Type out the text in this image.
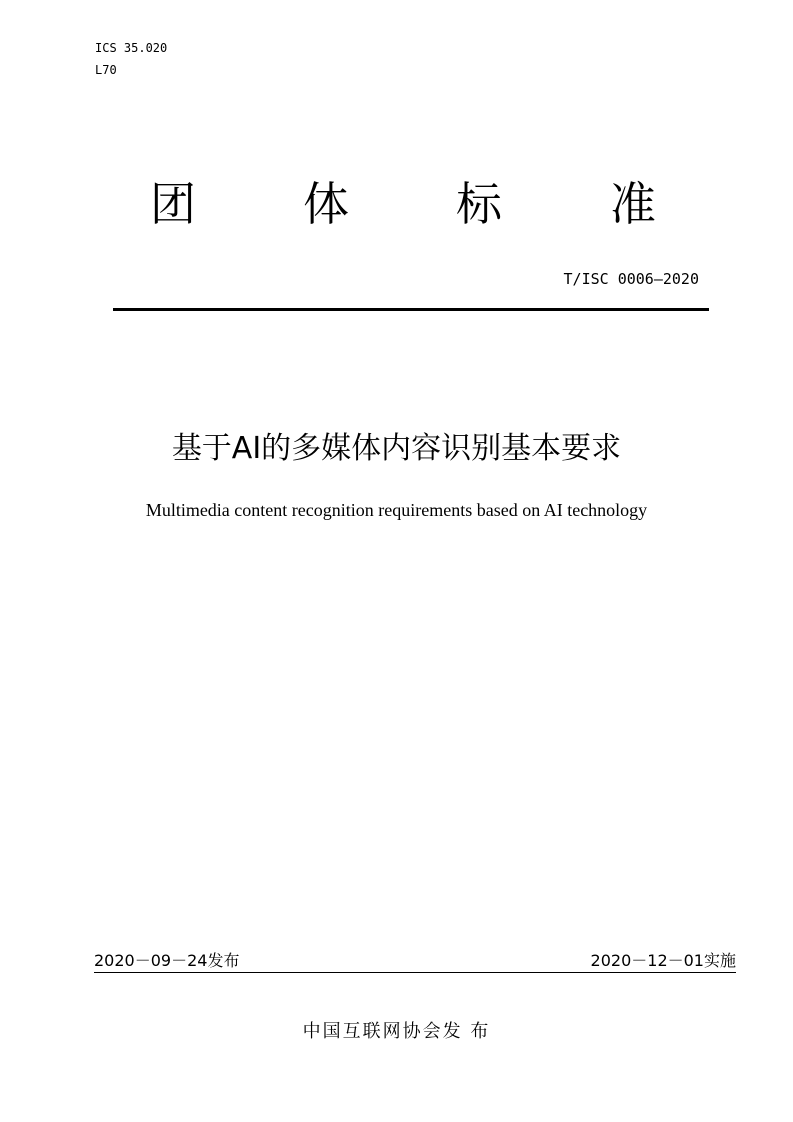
ICS 35.020
L70
团 体 标 准
T/ISC 0006—2020
基于AI的多媒体内容识别基本要求
Multimedia content recognition requirements based on AI technology
2020－09－24发布	2020－12－01实施
中国互联网协会发 布
